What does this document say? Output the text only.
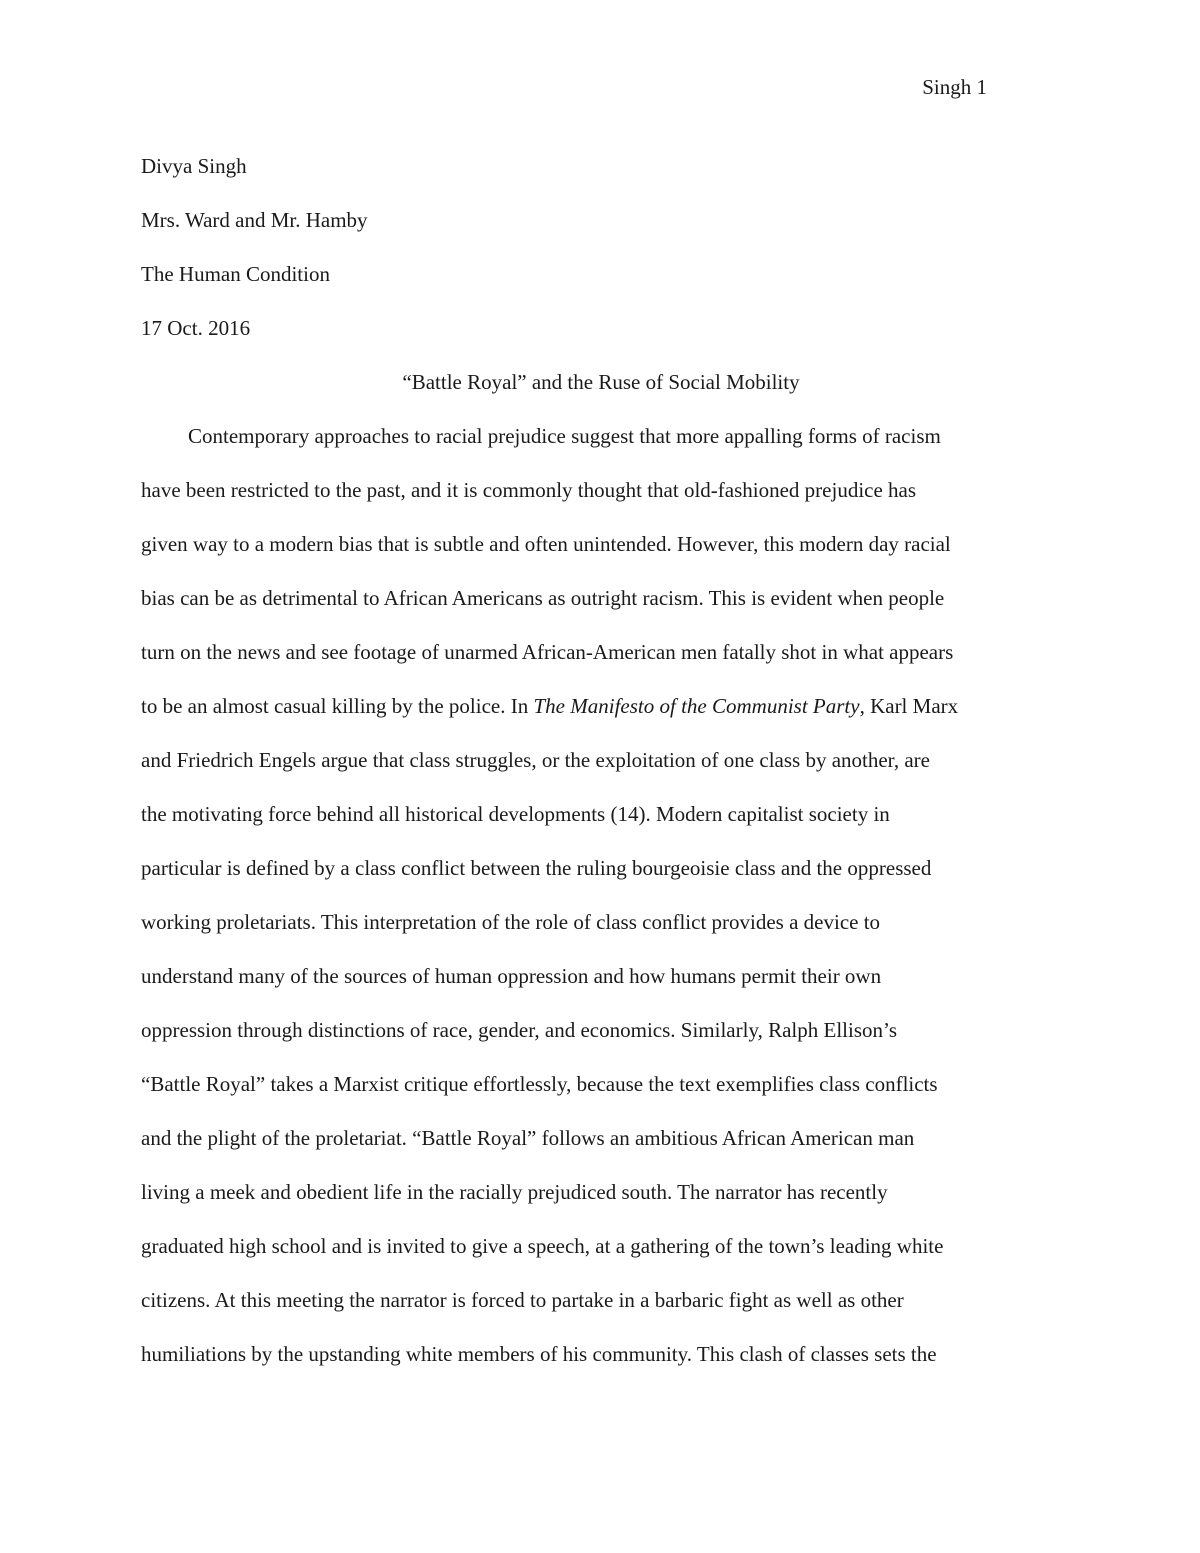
Singh 1

Divya Singh

Mrs. Ward and Mr. Hamby

The Human Condition

17 Oct. 2016

“Battle Royal” and the Ruse of Social Mobility

Contemporary approaches to racial prejudice suggest that more appalling forms of racism
have been restricted to the past, and it is commonly thought that old-fashioned prejudice has
given way to a modern bias that is subtle and often unintended. However, this modern day racial
bias can be as detrimental to African Americans as outright racism. This is evident when people
turn on the news and see footage of unarmed African-American men fatally shot in what appears
to be an almost casual killing by the police. In The Manifesto of the Communist Party, Karl Marx
and Friedrich Engels argue that class struggles, or the exploitation of one class by another, are
the motivating force behind all historical developments (14). Modern capitalist society in
particular is defined by a class conflict between the ruling bourgeoisie class and the oppressed
working proletariats. This interpretation of the role of class conflict provides a device to
understand many of the sources of human oppression and how humans permit their own
oppression through distinctions of race, gender, and economics. Similarly, Ralph Ellison’s
“Battle Royal” takes a Marxist critique effortlessly, because the text exemplifies class conflicts
and the plight of the proletariat. “Battle Royal” follows an ambitious African American man
living a meek and obedient life in the racially prejudiced south. The narrator has recently
graduated high school and is invited to give a speech, at a gathering of the town’s leading white
citizens. At this meeting the narrator is forced to partake in a barbaric fight as well as other
humiliations by the upstanding white members of his community. This clash of classes sets the
